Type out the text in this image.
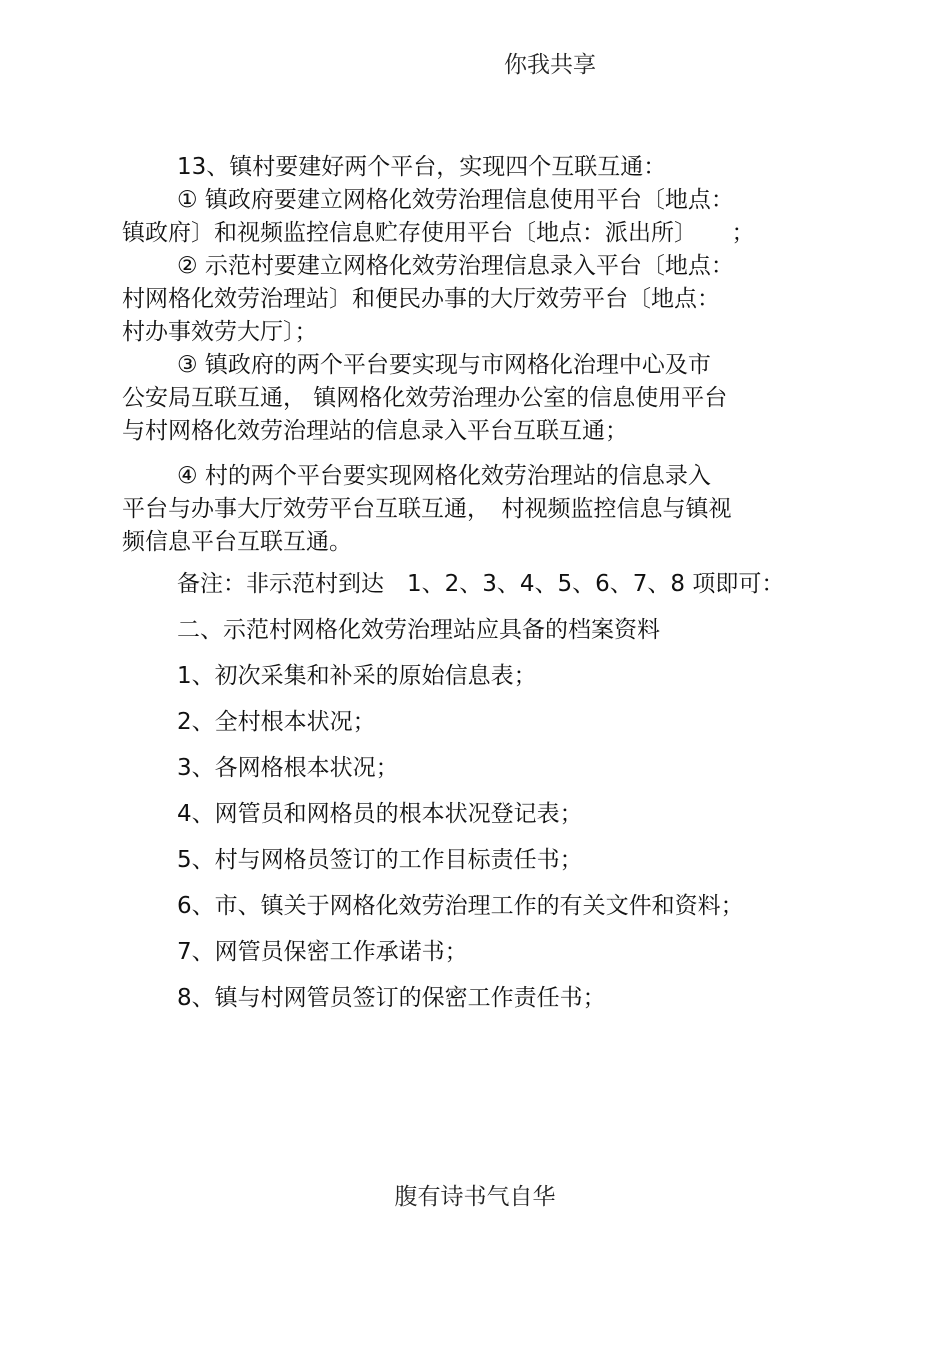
你我共享
13、镇村要建好两个平台，实现四个互联互通：
① 镇政府要建立网格化效劳治理信息使用平台〔地点：
镇政府〕和视频监控信息贮存使用平台〔地点：派出所〕　　；
② 示范村要建立网格化效劳治理信息录入平台〔地点：
村网格化效劳治理站〕和便民办事的大厅效劳平台〔地点：
村办事效劳大厅〕；
③ 镇政府的两个平台要实现与市网格化治理中心及市
公安局互联互通， 镇网格化效劳治理办公室的信息使用平台
与村网格化效劳治理站的信息录入平台互联互通；
④ 村的两个平台要实现网格化效劳治理站的信息录入
平台与办事大厅效劳平台互联互通，　村视频监控信息与镇视
频信息平台互联互通。
备注：非示范村到达　1、2、3、4、5、6、7、8 项即可：
二、示范村网格化效劳治理站应具备的档案资料
1、初次采集和补采的原始信息表；
2、全村根本状况；
3、各网格根本状况；
4、网管员和网格员的根本状况登记表；
5、村与网格员签订的工作目标责任书；
6、市、镇关于网格化效劳治理工作的有关文件和资料；
7、网管员保密工作承诺书；
8、镇与村网管员签订的保密工作责任书；
腹有诗书气自华
